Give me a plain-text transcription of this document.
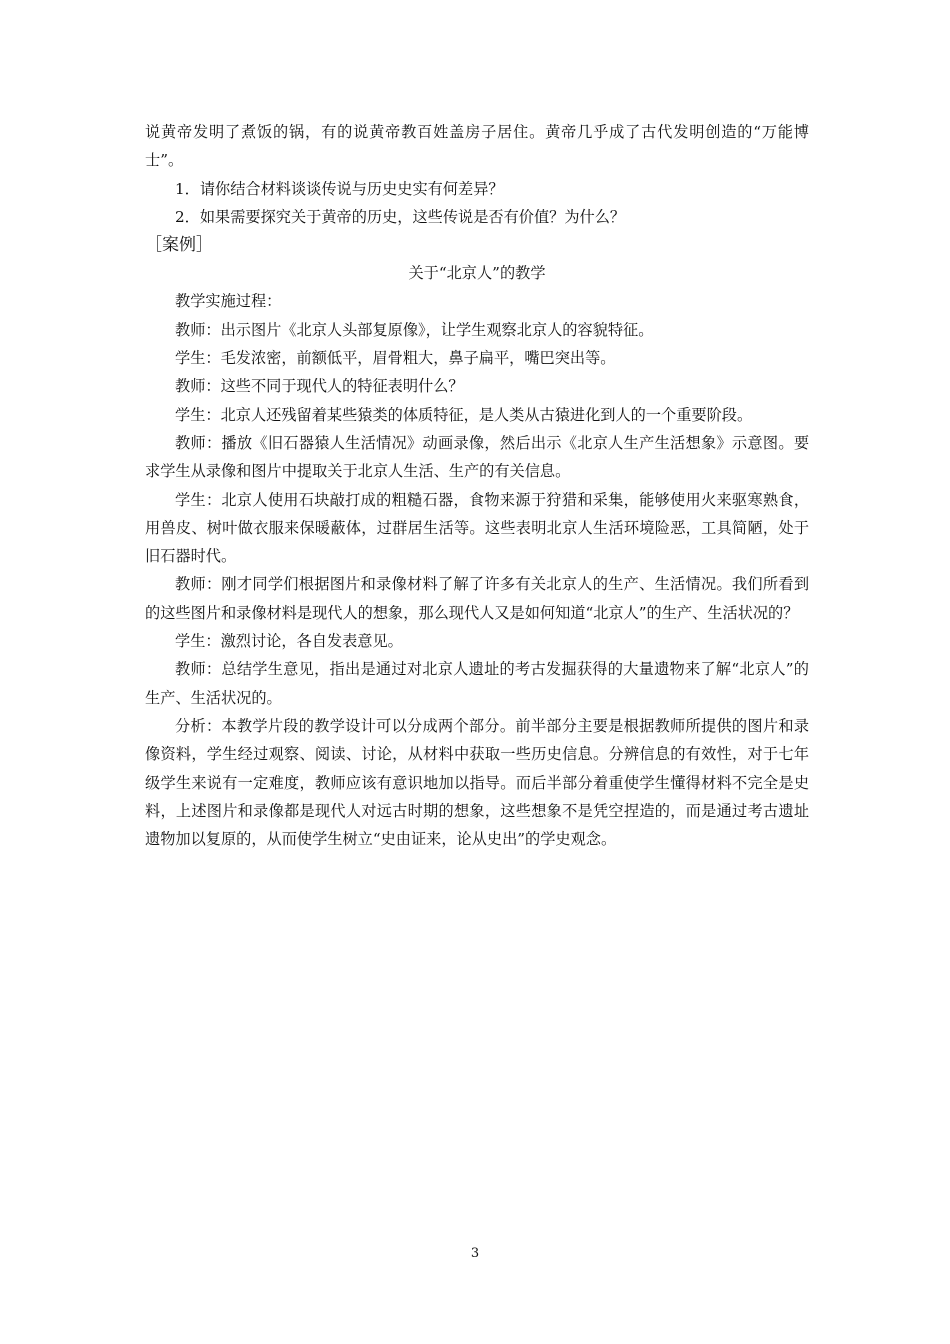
说黄帝发明了煮饭的锅，有的说黄帝教百姓盖房子居住。黄帝几乎成了古代发明创造的“万能博士”。

1．请你结合材料谈谈传说与历史史实有何差异？

2．如果需要探究关于黄帝的历史，这些传说是否有价值？为什么？

［案例］

关于“北京人”的教学

教学实施过程：

教师：出示图片《北京人头部复原像》，让学生观察北京人的容貌特征。

学生：毛发浓密，前额低平，眉骨粗大，鼻子扁平，嘴巴突出等。

教师：这些不同于现代人的特征表明什么？

学生：北京人还残留着某些猿类的体质特征，是人类从古猿进化到人的一个重要阶段。

教师：播放《旧石器猿人生活情况》动画录像，然后出示《北京人生产生活想象》示意图。要求学生从录像和图片中提取关于北京人生活、生产的有关信息。

学生：北京人使用石块敲打成的粗糙石器，食物来源于狩猎和采集，能够使用火来驱寒熟食，用兽皮、树叶做衣服来保暖蔽体，过群居生活等。这些表明北京人生活环境险恶，工具简陋，处于旧石器时代。

教师：刚才同学们根据图片和录像材料了解了许多有关北京人的生产、生活情况。我们所看到的这些图片和录像材料是现代人的想象，那么现代人又是如何知道“北京人”的生产、生活状况的？

学生：激烈讨论，各自发表意见。

教师：总结学生意见，指出是通过对北京人遗址的考古发掘获得的大量遗物来了解“北京人”的生产、生活状况的。

分析：本教学片段的教学设计可以分成两个部分。前半部分主要是根据教师所提供的图片和录像资料，学生经过观察、阅读、讨论，从材料中获取一些历史信息。分辨信息的有效性，对于七年级学生来说有一定难度，教师应该有意识地加以指导。而后半部分着重使学生懂得材料不完全是史料，上述图片和录像都是现代人对远古时期的想象，这些想象不是凭空捏造的，而是通过考古遗址遗物加以复原的，从而使学生树立“史由证来，论从史出”的学史观念。

3
